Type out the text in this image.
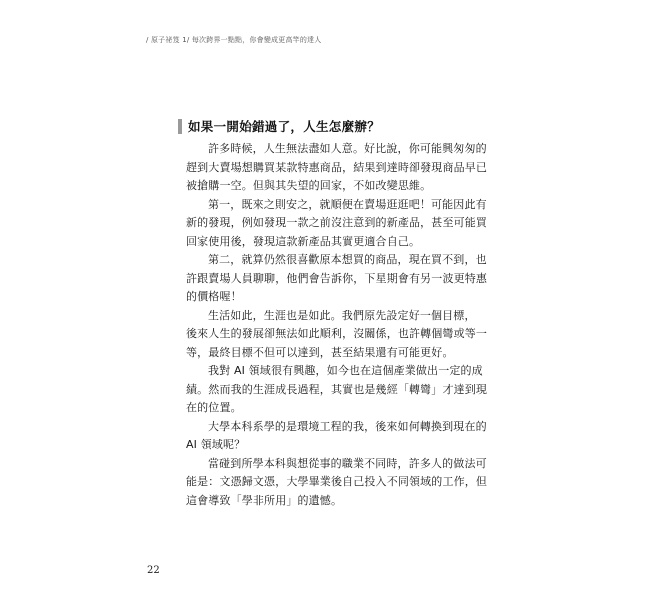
/ 原子祕笈 1/ 每次跨界一點點，你會變成更高竿的達人
如果一開始錯過了，人生怎麼辦？

許多時候，人生無法盡如人意。好比說，你可能興匆匆的
趕到大賣場想購買某款特惠商品，結果到達時卻發現商品早已
被搶購一空。但與其失望的回家，不如改變思維。

第一，既來之則安之，就順便在賣場逛逛吧！可能因此有
新的發現，例如發現一款之前沒注意到的新產品，甚至可能買
回家使用後，發現這款新產品其實更適合自己。

第二，就算仍然很喜歡原本想買的商品，現在買不到，也
許跟賣場人員聊聊，他們會告訴你，下星期會有另一波更特惠
的價格喔！

生活如此，生涯也是如此。我們原先設定好一個目標，
後來人生的發展卻無法如此順利，沒關係，也許轉個彎或等一
等，最終目標不但可以達到，甚至結果還有可能更好。

我對 AI 領域很有興趣，如今也在這個產業做出一定的成
績。然而我的生涯成長過程，其實也是幾經「轉彎」才達到現
在的位置。

大學本科系學的是環境工程的我，後來如何轉換到現在的
AI 領域呢？

當碰到所學本科與想從事的職業不同時，許多人的做法可
能是：文憑歸文憑，大學畢業後自己投入不同領域的工作，但
這會導致「學非所用」的遺憾。

22
